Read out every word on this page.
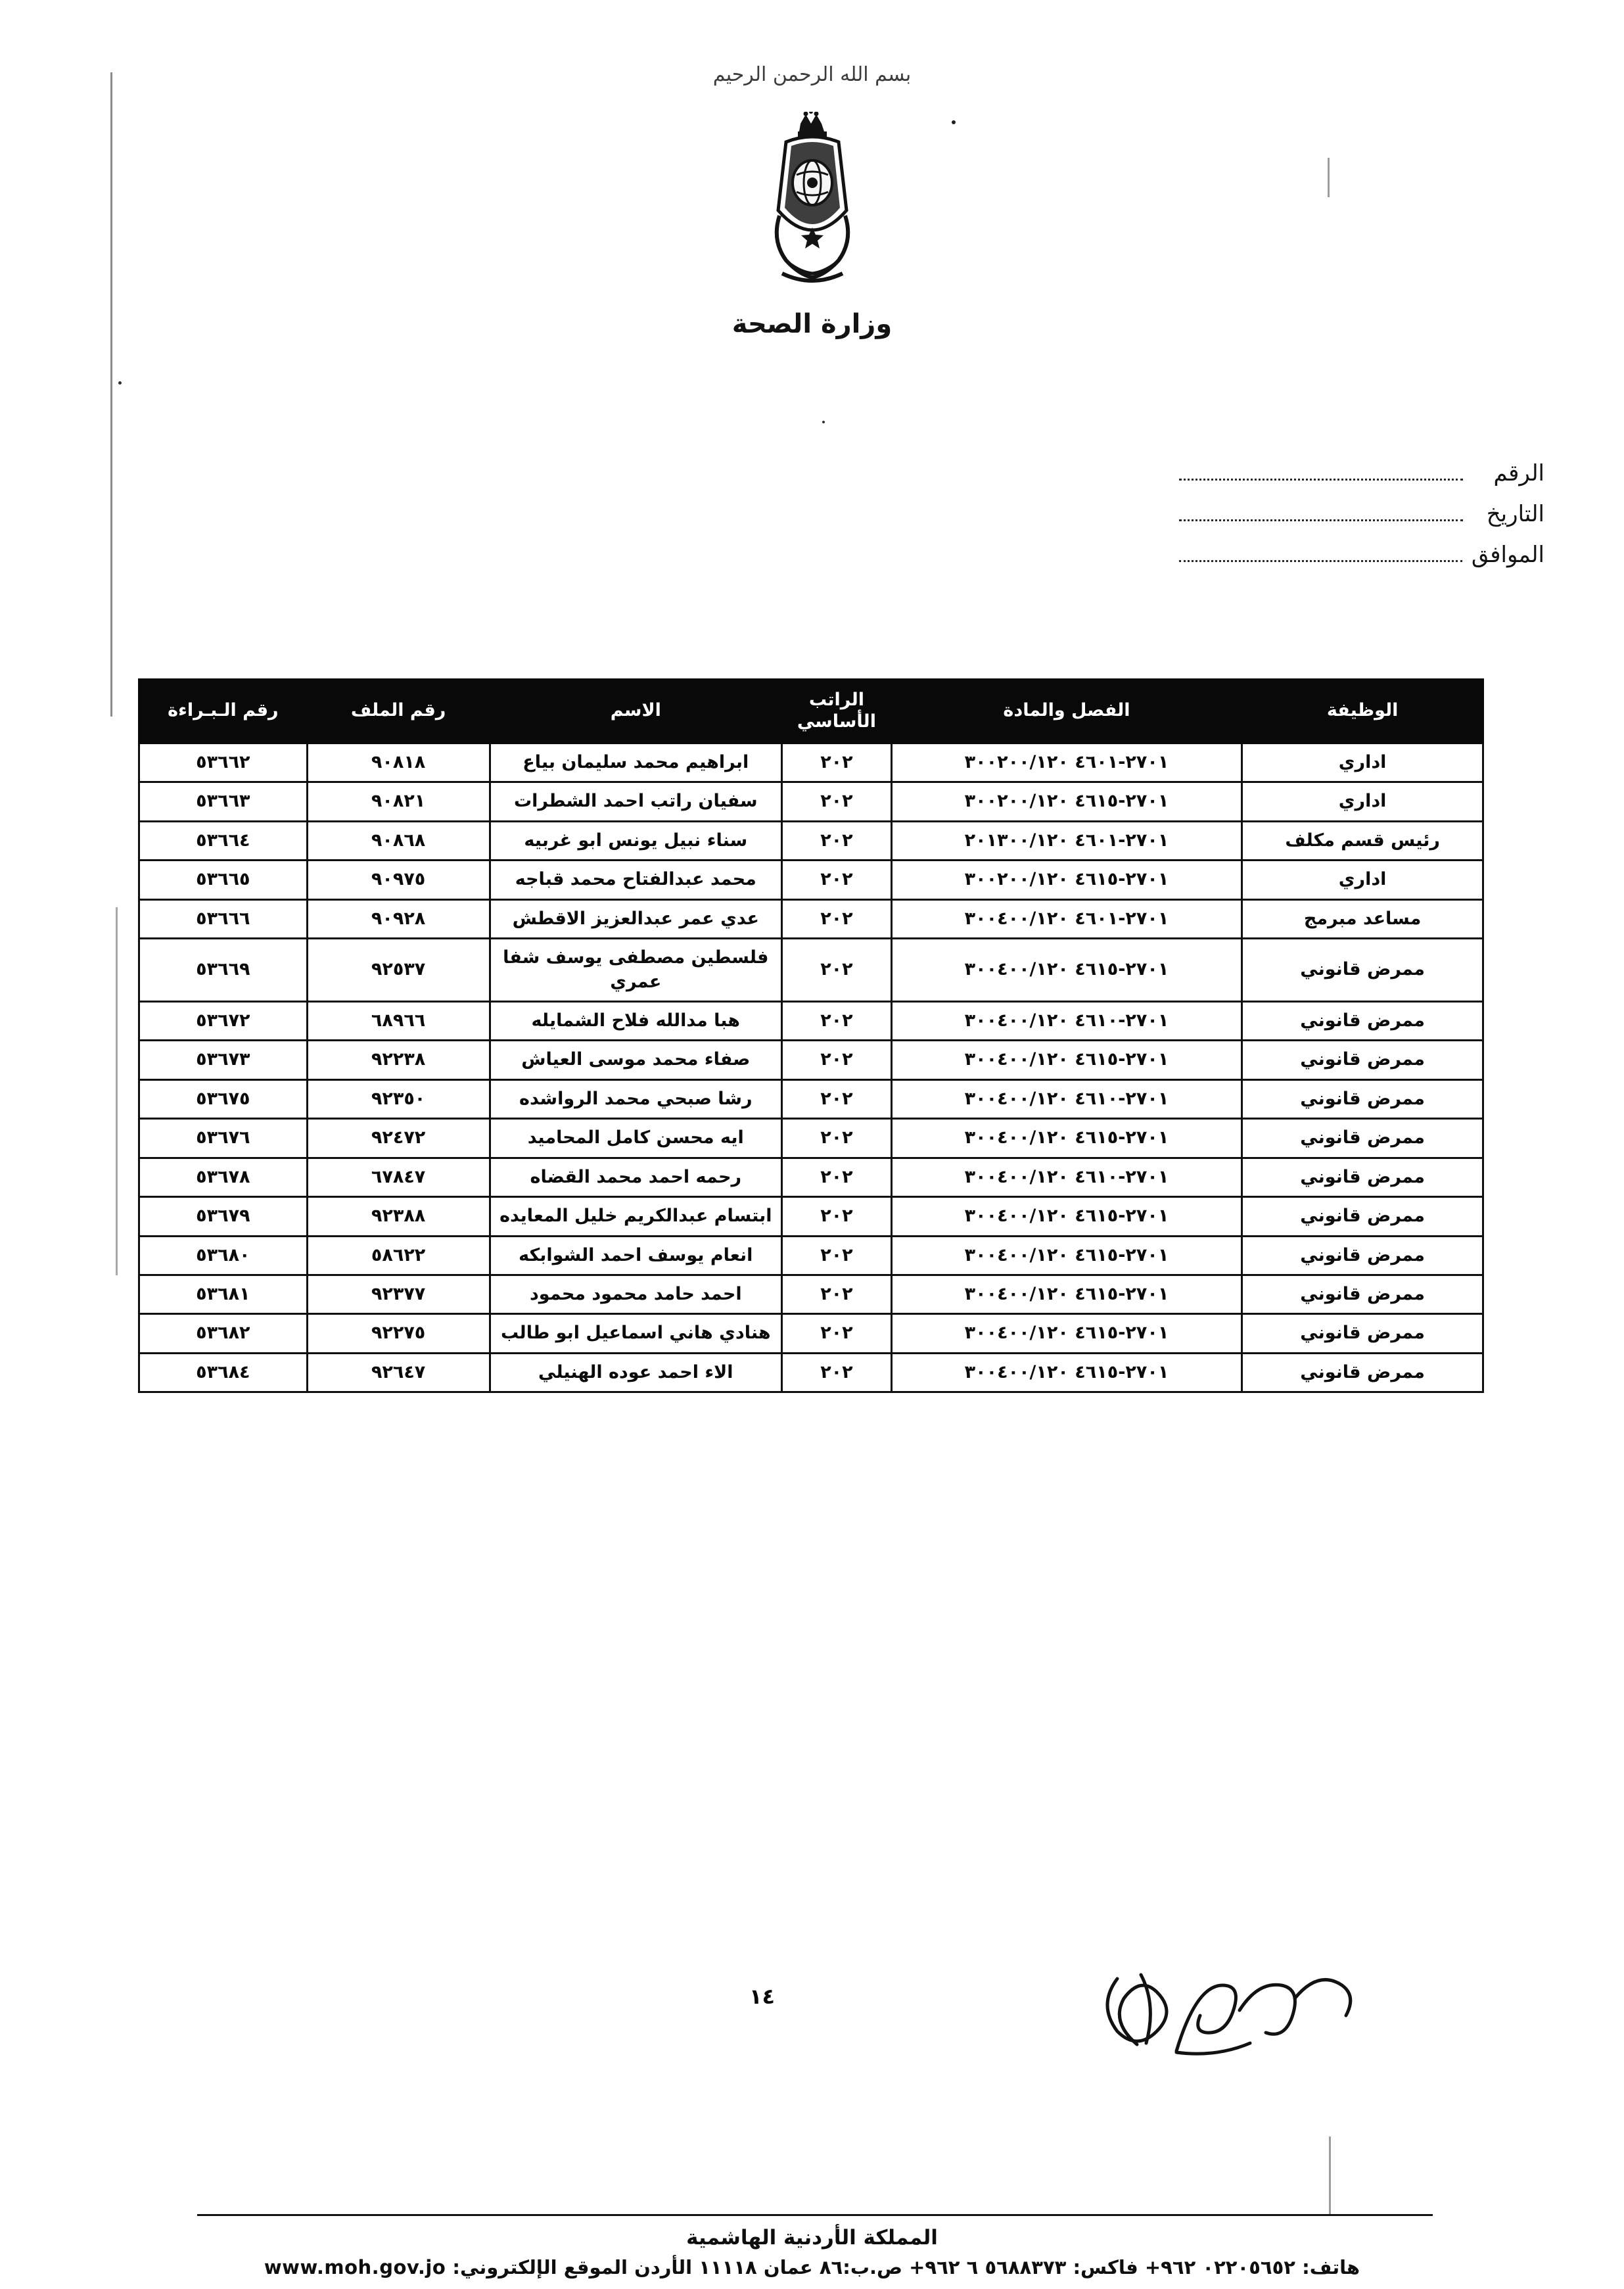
بسم الله الرحمن الرحيم
وزارة الصحة
الرقم
التاريخ
الموافق
الوظيفة	الفصل والمادة	الراتب الأساسي	الاسم	رقم الملف	رقم الـبـراءة
اداري	٢٧٠١-٤٦٠١ ٣٠٠٢٠٠/١٢٠	٢٠٢	ابراهيم محمد سليمان بياع	٩٠٨١٨	٥٣٦٦٢
اداري	٢٧٠١-٤٦١٥ ٣٠٠٢٠٠/١٢٠	٢٠٢	سفيان راتب احمد الشطرات	٩٠٨٢١	٥٣٦٦٣
رئيس قسم مكلف	٢٧٠١-٤٦٠١ ٢٠١٣٠٠/١٢٠	٢٠٢	سناء نبيل يونس ابو غربيه	٩٠٨٦٨	٥٣٦٦٤
اداري	٢٧٠١-٤٦١٥ ٣٠٠٢٠٠/١٢٠	٢٠٢	محمد عبدالفتاح محمد قباجه	٩٠٩٧٥	٥٣٦٦٥
مساعد مبرمج	٢٧٠١-٤٦٠١ ٣٠٠٤٠٠/١٢٠	٢٠٢	عدي عمر عبدالعزيز الاقطش	٩٠٩٢٨	٥٣٦٦٦
ممرض قانوني	٢٧٠١-٤٦١٥ ٣٠٠٤٠٠/١٢٠	٢٠٢	فلسطين مصطفى يوسف شفا عمري	٩٢٥٣٧	٥٣٦٦٩
ممرض قانوني	٢٧٠١-٤٦١٠ ٣٠٠٤٠٠/١٢٠	٢٠٢	هبا مدالله فلاح الشمايله	٦٨٩٦٦	٥٣٦٧٢
ممرض قانوني	٢٧٠١-٤٦١٥ ٣٠٠٤٠٠/١٢٠	٢٠٢	صفاء محمد موسى العياش	٩٢٢٣٨	٥٣٦٧٣
ممرض قانوني	٢٧٠١-٤٦١٠ ٣٠٠٤٠٠/١٢٠	٢٠٢	رشا صبحي محمد الرواشده	٩٢٣٥٠	٥٣٦٧٥
ممرض قانوني	٢٧٠١-٤٦١٥ ٣٠٠٤٠٠/١٢٠	٢٠٢	ايه محسن كامل المحاميد	٩٢٤٧٢	٥٣٦٧٦
ممرض قانوني	٢٧٠١-٤٦١٠ ٣٠٠٤٠٠/١٢٠	٢٠٢	رحمه احمد محمد القضاه	٦٧٨٤٧	٥٣٦٧٨
ممرض قانوني	٢٧٠١-٤٦١٥ ٣٠٠٤٠٠/١٢٠	٢٠٢	ابتسام عبدالكريم خليل المعايده	٩٢٣٨٨	٥٣٦٧٩
ممرض قانوني	٢٧٠١-٤٦١٥ ٣٠٠٤٠٠/١٢٠	٢٠٢	انعام يوسف احمد الشوابكه	٥٨٦٢٢	٥٣٦٨٠
ممرض قانوني	٢٧٠١-٤٦١٥ ٣٠٠٤٠٠/١٢٠	٢٠٢	احمد حامد محمود محمود	٩٢٣٧٧	٥٣٦٨١
ممرض قانوني	٢٧٠١-٤٦١٥ ٣٠٠٤٠٠/١٢٠	٢٠٢	هنادي هاني اسماعيل ابو طالب	٩٢٢٧٥	٥٣٦٨٢
ممرض قانوني	٢٧٠١-٤٦١٥ ٣٠٠٤٠٠/١٢٠	٢٠٢	الاء احمد عوده الهنيلي	٩٢٦٤٧	٥٣٦٨٤
١٤
المملكة الأردنية الهاشمية
هاتف: ٠٢٢٠٥٦٥٢ ٩٦٢+ فاكس: ٥٦٨٨٣٧٣ ٦ ٩٦٢+ ص.ب:٨٦ عمان ١١١١٨ الأردن الموقع الإلكتروني: www.moh.gov.jo
